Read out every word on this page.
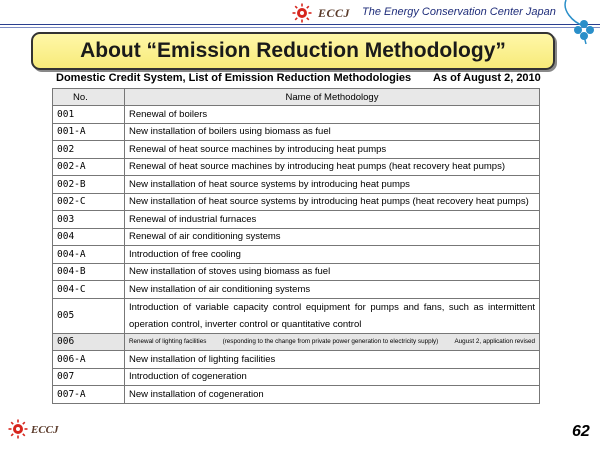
ECCJ The Energy Conservation Center Japan
About “Emission Reduction Methodology”
Domestic Credit System, List of Emission Reduction Methodologies As of August 2, 2010
No.	Name of Methodology
001	Renewal of boilers
001-A	New installation of boilers using biomass as fuel
002	Renewal of heat source machines by introducing heat pumps
002-A	Renewal of heat source machines by introducing heat pumps (heat recovery heat pumps)
002-B	New installation of heat source systems by introducing heat pumps
002-C	New installation of heat source systems by introducing heat pumps (heat recovery heat pumps)
003	Renewal of industrial furnaces
004	Renewal of air conditioning systems
004-A	Introduction of free cooling
004-B	New installation of stoves using biomass as fuel
004-C	New installation of air conditioning systems
005	Introduction of variable capacity control equipment for pumps and fans, such as intermittent operation control, inverter control or quantitative control
006	Renewal of lighting facilities (responding to the change from private power generation to electricity supply) August 2, application revised

006-A	New installation of lighting facilities
007	Introduction of cogeneration
007-A	New installation of cogeneration
ECCJ	62
